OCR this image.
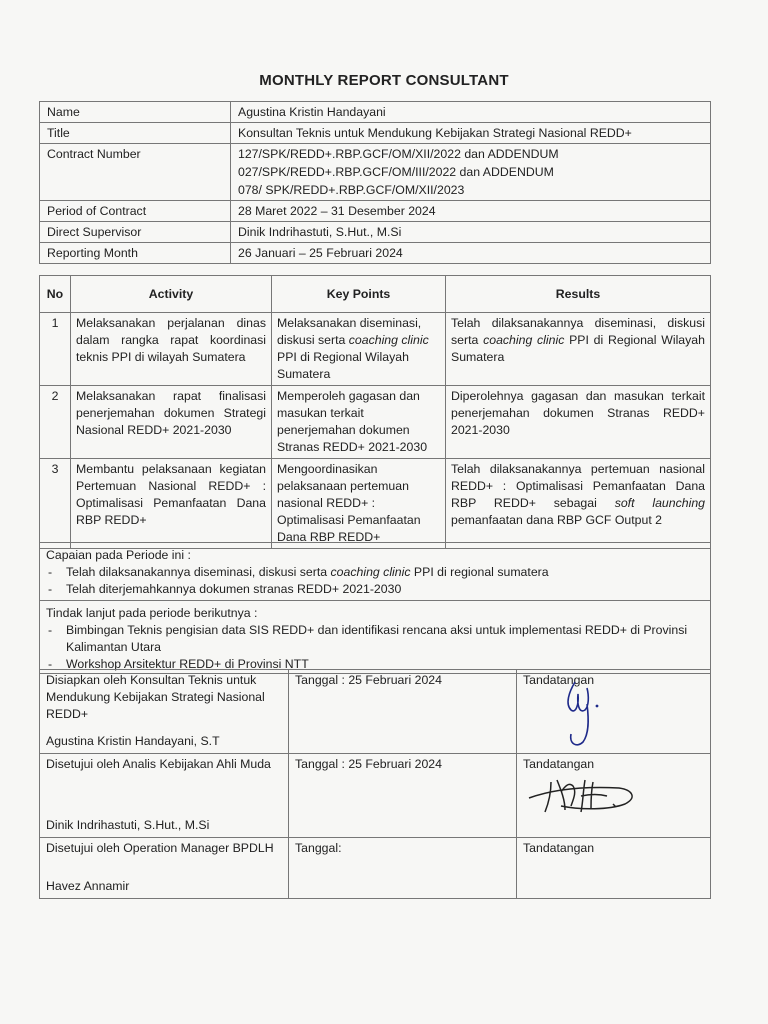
MONTHLY REPORT CONSULTANT
Name	Agustina Kristin Handayani
Title	Konsultan Teknis untuk Mendukung Kebijakan Strategi Nasional REDD+
Contract Number	127/SPK/REDD+.RBP.GCF/OM/XII/2022 dan ADDENDUM
027/SPK/REDD+.RBP.GCF/OM/III/2022 dan ADDENDUM
078/ SPK/REDD+.RBP.GCF/OM/XII/2023

Period of Contract	28 Maret 2022 – 31 Desember 2024
Direct Supervisor	Dinik Indrihastuti, S.Hut., M.Si
Reporting Month	26 Januari – 25 Februari 2024
No	Activity	Key Points	Results
1	Melaksanakan perjalanan dinas dalam rangka rapat koordinasi teknis PPI di wilayah Sumatera	Melaksanakan diseminasi, diskusi serta coaching clinic PPI di Regional Wilayah Sumatera	Telah dilaksanakannya diseminasi, diskusi serta coaching clinic PPI di Regional Wilayah Sumatera
2	Melaksanakan rapat finalisasi penerjemahan dokumen Strategi Nasional REDD+ 2021-2030	Memperoleh gagasan dan masukan terkait penerjemahan dokumen Stranas REDD+ 2021-2030	Diperolehnya gagasan dan masukan terkait penerjemahan dokumen Stranas REDD+ 2021-2030
3	Membantu pelaksanaan kegiatan Pertemuan Nasional REDD+ : Optimalisasi Pemanfaatan Dana RBP REDD+	Mengoordinasikan pelaksanaan pertemuan nasional REDD+ : Optimalisasi Pemanfaatan Dana RBP REDD+	Telah dilaksanakannya pertemuan nasional REDD+ : Optimalisasi Pemanfaatan Dana RBP REDD+ sebagai soft launching pemanfaatan dana RBP GCF Output 2
Capaian pada Periode ini :
- Telah dilaksanakannya diseminasi, diskusi serta coaching clinic PPI di regional sumatera
- Telah diterjemahkannya dokumen stranas REDD+ 2021-2030
Tindak lanjut pada periode berikutnya :
- Bimbingan Teknis pengisian data SIS REDD+ dan identifikasi rencana aksi untuk implementasi REDD+ di Provinsi Kalimantan Utara
- Workshop Arsitektur REDD+ di Provinsi NTT
Disiapkan oleh Konsultan Teknis untuk Mendukung Kebijakan Strategi Nasional REDD+
Agustina Kristin Handayani, S.T	Tanggal : 25 Februari 2024	Tandatangan

Disetujui oleh Analis Kebijakan Ahli Muda
Dinik Indrihastuti, S.Hut., M.Si	Tanggal : 25 Februari 2024	Tandatangan

Disetujui oleh Operation Manager BPDLH
Havez Annamir	Tanggal:	Tandatangan
